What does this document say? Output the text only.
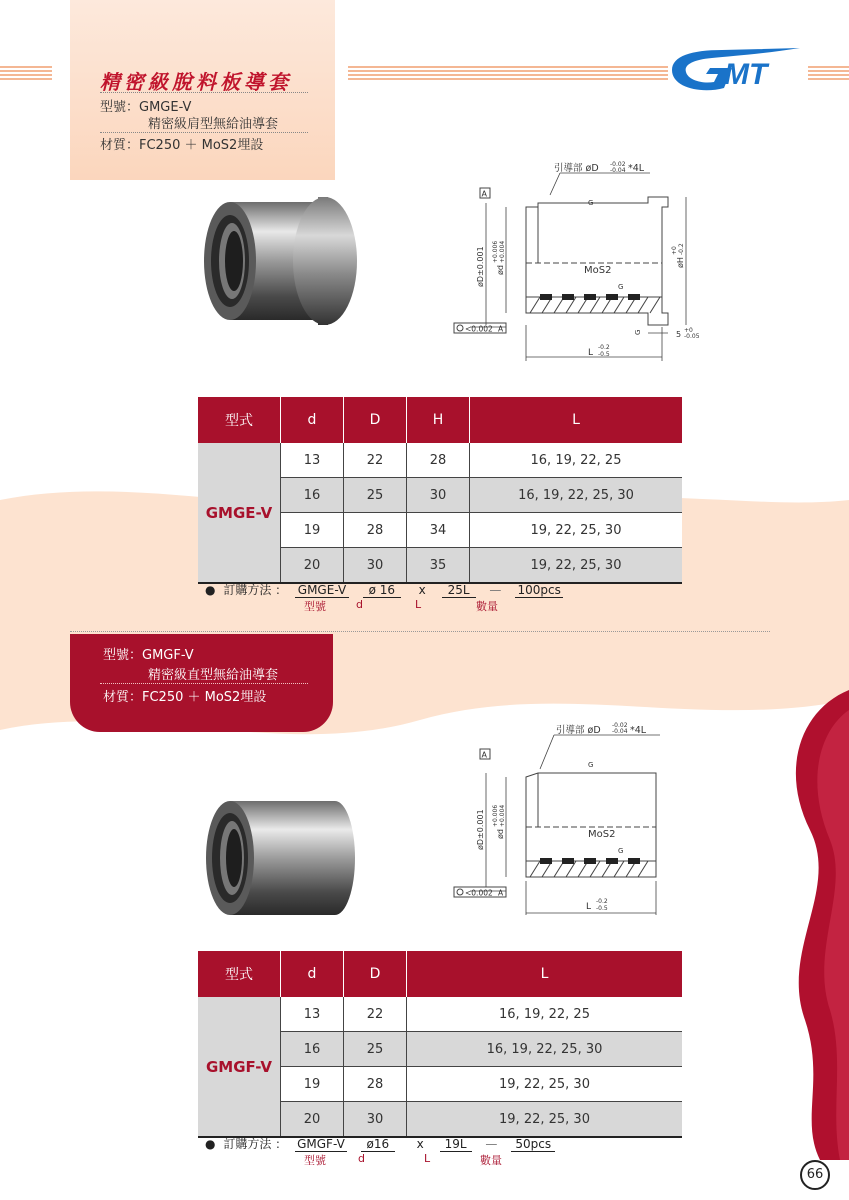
精密級脫料板導套
型號：GMGE-V
精密級肩型無給油導套
材質：FC250 ＋ MoS2埋設
MT
A
<0.002 A
引導部 øD -0.02
-0.04 *4L
øD±0.001 ød
+0.006 +0.004	øH
+0 -0.2
MoS2
G
G
G	5 +0
-0.05
L
-0.2
-0.5
型式	d	D	H	L
GMGE-V	13	22	28	16, 19, 22, 25
	16	25	30	16, 19, 22, 25, 30
	19	28	34	19, 22, 25, 30
	20	30	35	19, 22, 25, 30
● 訂購方法 ： GMGE-V ø 16 x 25L — 100pcs
型號	d	L	數量
型號：GMGF-V
精密級直型無給油導套
材質：FC250 ＋ MoS2埋設
A
<0.002 A
引導部 øD -0.02
-0.04 *4L
øD±0.001 ød
+0.006 +0.004
MoS2
G
G
L
-0.2
-0.5
型式	d	D	L
GMGF-V	13	22	16, 19, 22, 25
	16	25	16, 19, 22, 25, 30
	19	28	19, 22, 25, 30
	20	30	19, 22, 25, 30
● 訂購方法 ： GMGF-V ø16 x 19L — 50pcs
型號	d	L	數量
66
